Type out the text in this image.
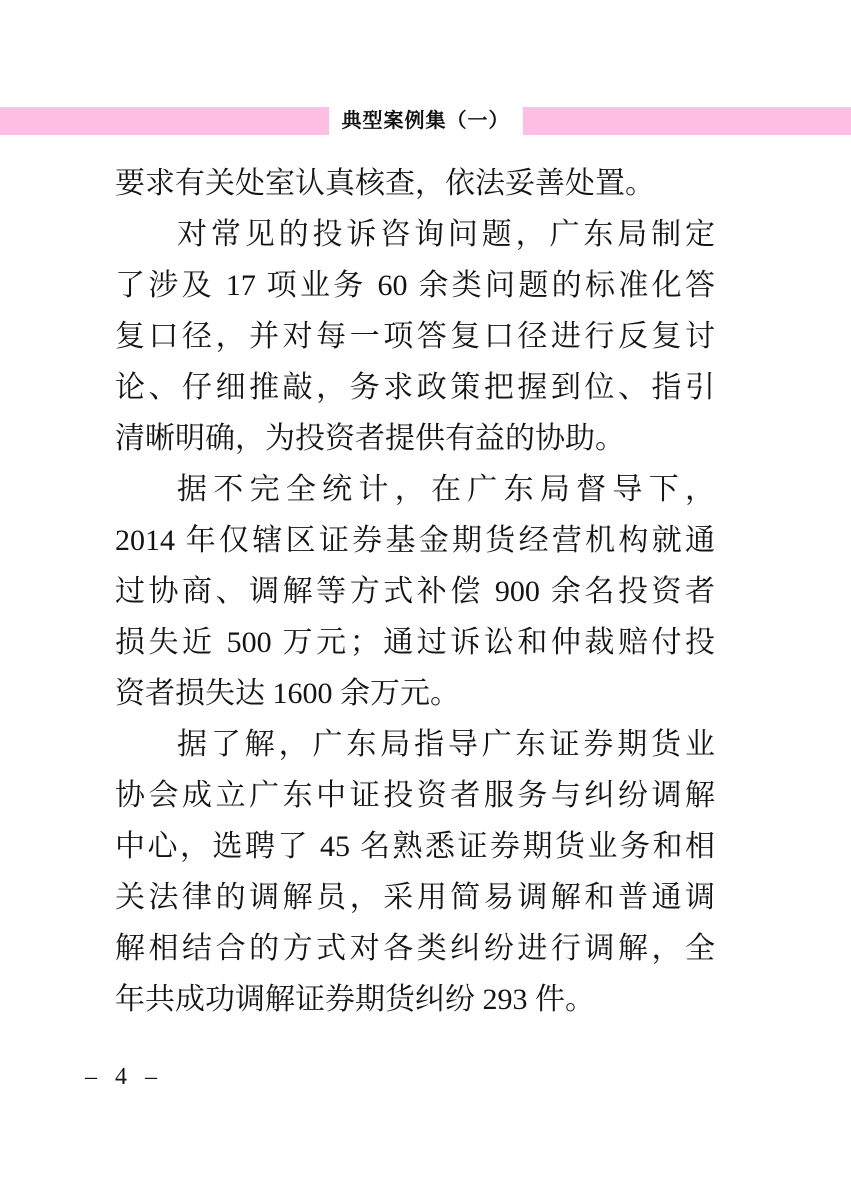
典型案例集（一）
要求有关处室认真核查，依法妥善处置。
对常见的投诉咨询问题，广东局制定
了涉及 17 项业务 60 余类问题的标准化答
复口径，并对每一项答复口径进行反复讨
论、仔细推敲，务求政策把握到位、指引
清晰明确，为投资者提供有益的协助。
据不完全统计，在广东局督导下，
2014 年仅辖区证券基金期货经营机构就通
过协商、调解等方式补偿 900 余名投资者
损失近 500 万元；通过诉讼和仲裁赔付投
资者损失达 1600 余万元。
据了解，广东局指导广东证券期货业
协会成立广东中证投资者服务与纠纷调解
中心，选聘了 45 名熟悉证券期货业务和相
关法律的调解员，采用简易调解和普通调
解相结合的方式对各类纠纷进行调解，全
年共成功调解证券期货纠纷 293 件。
– 4 –
